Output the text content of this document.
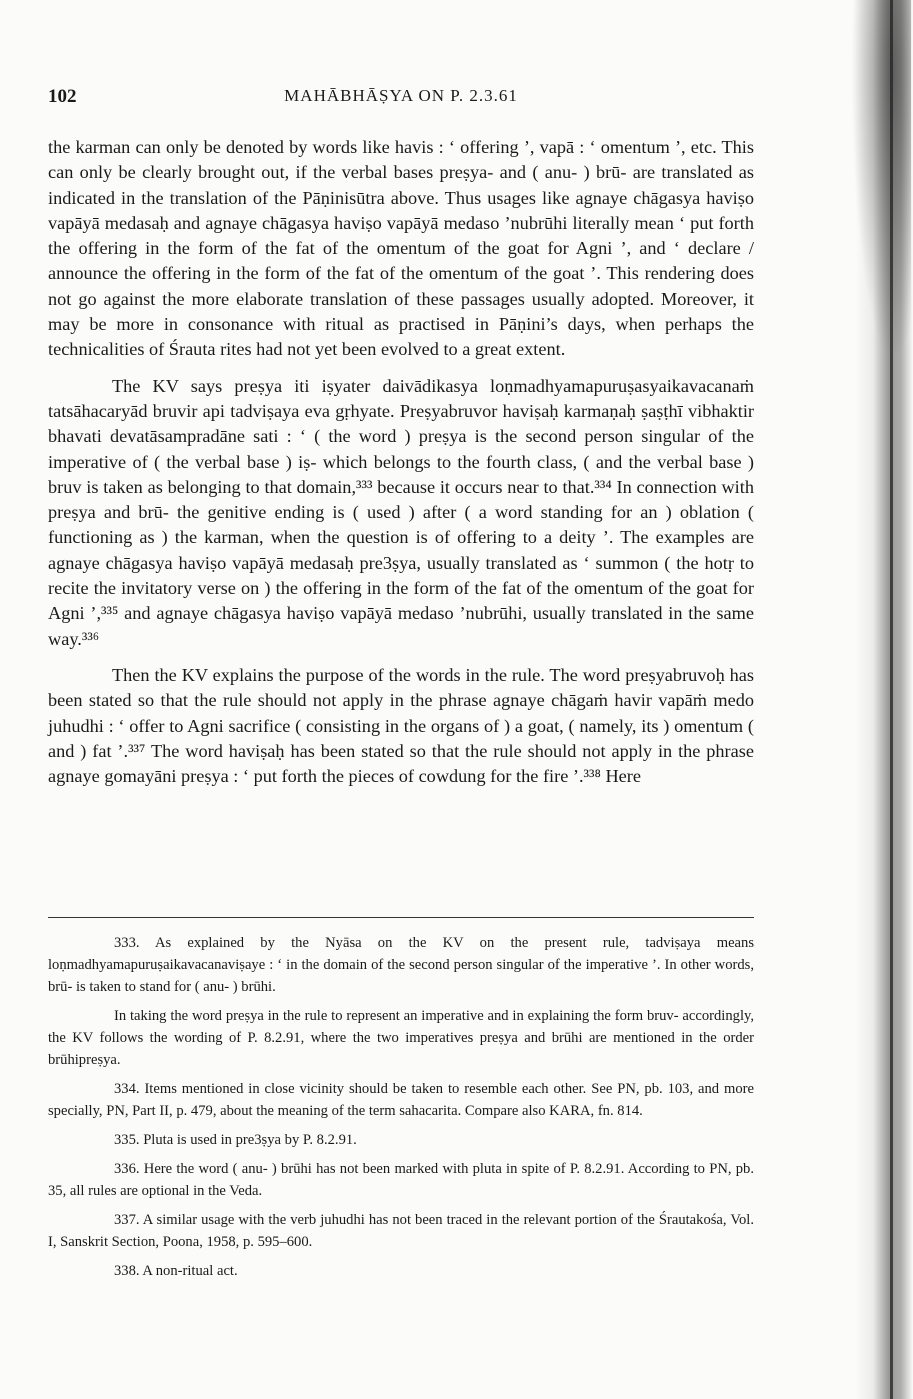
102	MAHĀBHĀṢYA ON P. 2.3.61

the karman can only be denoted by words like havis : ‘ offering ’, vapā : ‘ omentum ’, etc. This can only be clearly brought out, if the verbal bases preṣya- and ( anu- ) brū- are translated as indicated in the translation of the Pāṇinisūtra above. Thus usages like agnaye chāgasya haviṣo vapāyā medasaḥ and agnaye chāgasya haviṣo vapāyā medaso ’nubrūhi literally mean ‘ put forth the offering in the form of the fat of the omentum of the goat for Agni ’, and ‘ declare / announce the offering in the form of the fat of the omentum of the goat ’. This rendering does not go against the more elaborate translation of these passages usually adopted. Moreover, it may be more in consonance with ritual as practised in Pāṇini’s days, when perhaps the technicalities of Śrauta rites had not yet been evolved to a great extent.

The KV says preṣya iti iṣyater daivādikasya loṇmadhyamapuruṣasyaikavacanaṁ tatsāhacaryād bruvir api tadviṣaya eva gṛhyate. Preṣyabruvor haviṣaḥ karmaṇaḥ ṣaṣṭhī vibhaktir bhavati devatāsampradāne sati : ‘ ( the word ) preṣya is the second person singular of the imperative of ( the verbal base ) iṣ- which belongs to the fourth class, ( and the verbal base ) bruv is taken as belonging to that domain,³³³ because it occurs near to that.³³⁴ In connection with preṣya and brū- the genitive ending is ( used ) after ( a word standing for an ) oblation ( functioning as ) the karman, when the question is of offering to a deity ’. The examples are agnaye chāgasya haviṣo vapāyā medasaḥ pre3ṣya, usually translated as ‘ summon ( the hotṛ to recite the invitatory verse on ) the offering in the form of the fat of the omentum of the goat for Agni ’,³³⁵ and agnaye chāgasya haviṣo vapāyā medaso ’nubrūhi, usually translated in the same way.³³⁶

Then the KV explains the purpose of the words in the rule. The word preṣyabruvoḥ has been stated so that the rule should not apply in the phrase agnaye chāgaṁ havir vapāṁ medo juhudhi : ‘ offer to Agni sacrifice ( consisting in the organs of ) a goat, ( namely, its ) omentum ( and ) fat ’.³³⁷ The word haviṣaḥ has been stated so that the rule should not apply in the phrase agnaye gomayāni preṣya : ‘ put forth the pieces of cowdung for the fire ’.³³⁸ Here

333. As explained by the Nyāsa on the KV on the present rule, tadviṣaya means loṇmadhyamapuruṣaikavacanaviṣaye : ‘ in the domain of the second person singular of the imperative ’. In other words, brū- is taken to stand for ( anu- ) brūhi.

In taking the word preṣya in the rule to represent an imperative and in explaining the form bruv- accordingly, the KV follows the wording of P. 8.2.91, where the two imperatives preṣya and brūhi are mentioned in the order brūhipreṣya.

334. Items mentioned in close vicinity should be taken to resemble each other. See PN, pb. 103, and more specially, PN, Part II, p. 479, about the meaning of the term sahacarita. Compare also KARA, fn. 814.

335. Pluta is used in pre3ṣya by P. 8.2.91.

336. Here the word ( anu- ) brūhi has not been marked with pluta in spite of P. 8.2.91. According to PN, pb. 35, all rules are optional in the Veda.

337. A similar usage with the verb juhudhi has not been traced in the relevant portion of the Śrautakośa, Vol. I, Sanskrit Section, Poona, 1958, p. 595–600.

338. A non-ritual act.
